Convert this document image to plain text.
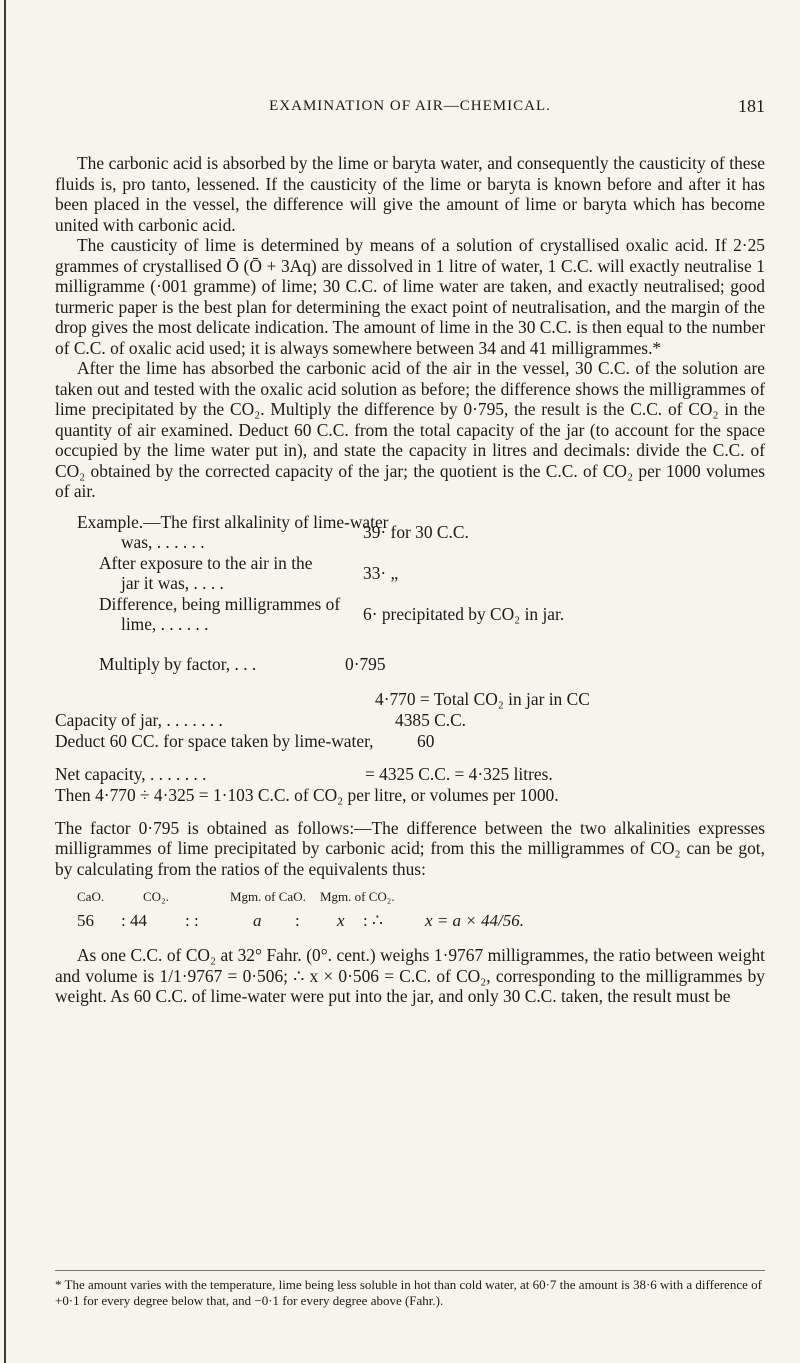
EXAMINATION OF AIR—CHEMICAL.	181

The carbonic acid is absorbed by the lime or baryta water, and consequently the causticity of these fluids is, pro tanto, lessened. If the causticity of the lime or baryta is known before and after it has been placed in the vessel, the difference will give the amount of lime or baryta which has become united with carbonic acid.

The causticity of lime is determined by means of a solution of crystallised oxalic acid. If 2·25 grammes of crystallised Ō (Ō + 3Aq) are dissolved in 1 litre of water, 1 C.C. will exactly neutralise 1 milligramme (·001 gramme) of lime; 30 C.C. of lime water are taken, and exactly neutralised; good turmeric paper is the best plan for determining the exact point of neutralisation, and the margin of the drop gives the most delicate indication. The amount of lime in the 30 C.C. is then equal to the number of C.C. of oxalic acid used; it is always somewhere between 34 and 41 milligrammes.*

After the lime has absorbed the carbonic acid of the air in the vessel, 30 C.C. of the solution are taken out and tested with the oxalic acid solution as before; the difference shows the milligrammes of lime precipitated by the CO₂. Multiply the difference by 0·795, the result is the C.C. of CO₂ in the quantity of air examined. Deduct 60 C.C. from the total capacity of the jar (to account for the space occupied by the lime water put in), and state the capacity in litres and decimals: divide the C.C. of CO₂ obtained by the corrected capacity of the jar; the quotient is the C.C. of CO₂ per 1000 volumes of air.

Example.—The first alkalinity of lime-water
was, . . . . . .	39· for 30 C.C.
After exposure to the air in the
jar it was, . . . .	33· „
Difference, being milligrammes of
lime, . . . . . .	6· precipitated by CO₂ in jar.
Multiply by factor, . . .	0·795
4·770 = Total CO₂ in jar in CC
Capacity of jar, . . . . . . .	4385 C.C.
Deduct 60 CC. for space taken by lime-water, 60
Net capacity, . . . . . . .	= 4325 C.C. = 4·325 litres.
Then 4·770 ÷ 4·325 = 1·103 C.C. of CO₂ per litre, or volumes per 1000.

The factor 0·795 is obtained as follows:—The difference between the two alkalinities expresses milligrammes of lime precipitated by carbonic acid; from this the milligrammes of CO₂ can be got, by calculating from the ratios of the equivalents thus:

CaO.	CO₂.	Mgm. of CaO. Mgm. of CO₂.
56 : 44 : :	a : x : ∴ x = a × 44/56.

As one C.C. of CO₂ at 32° Fahr. (0°. cent.) weighs 1·9767 milligrammes, the ratio between weight and volume is 1/1·9767 = 0·506; ∴ x × 0·506 = C.C. of CO₂, corresponding to the milligrammes by weight. As 60 C.C. of lime-water were put into the jar, and only 30 C.C. taken, the result must be

* The amount varies with the temperature, lime being less soluble in hot than cold water, at 60·7 the amount is 38·6 with a difference of +0·1 for every degree below that, and −0·1 for every degree above (Fahr.).
